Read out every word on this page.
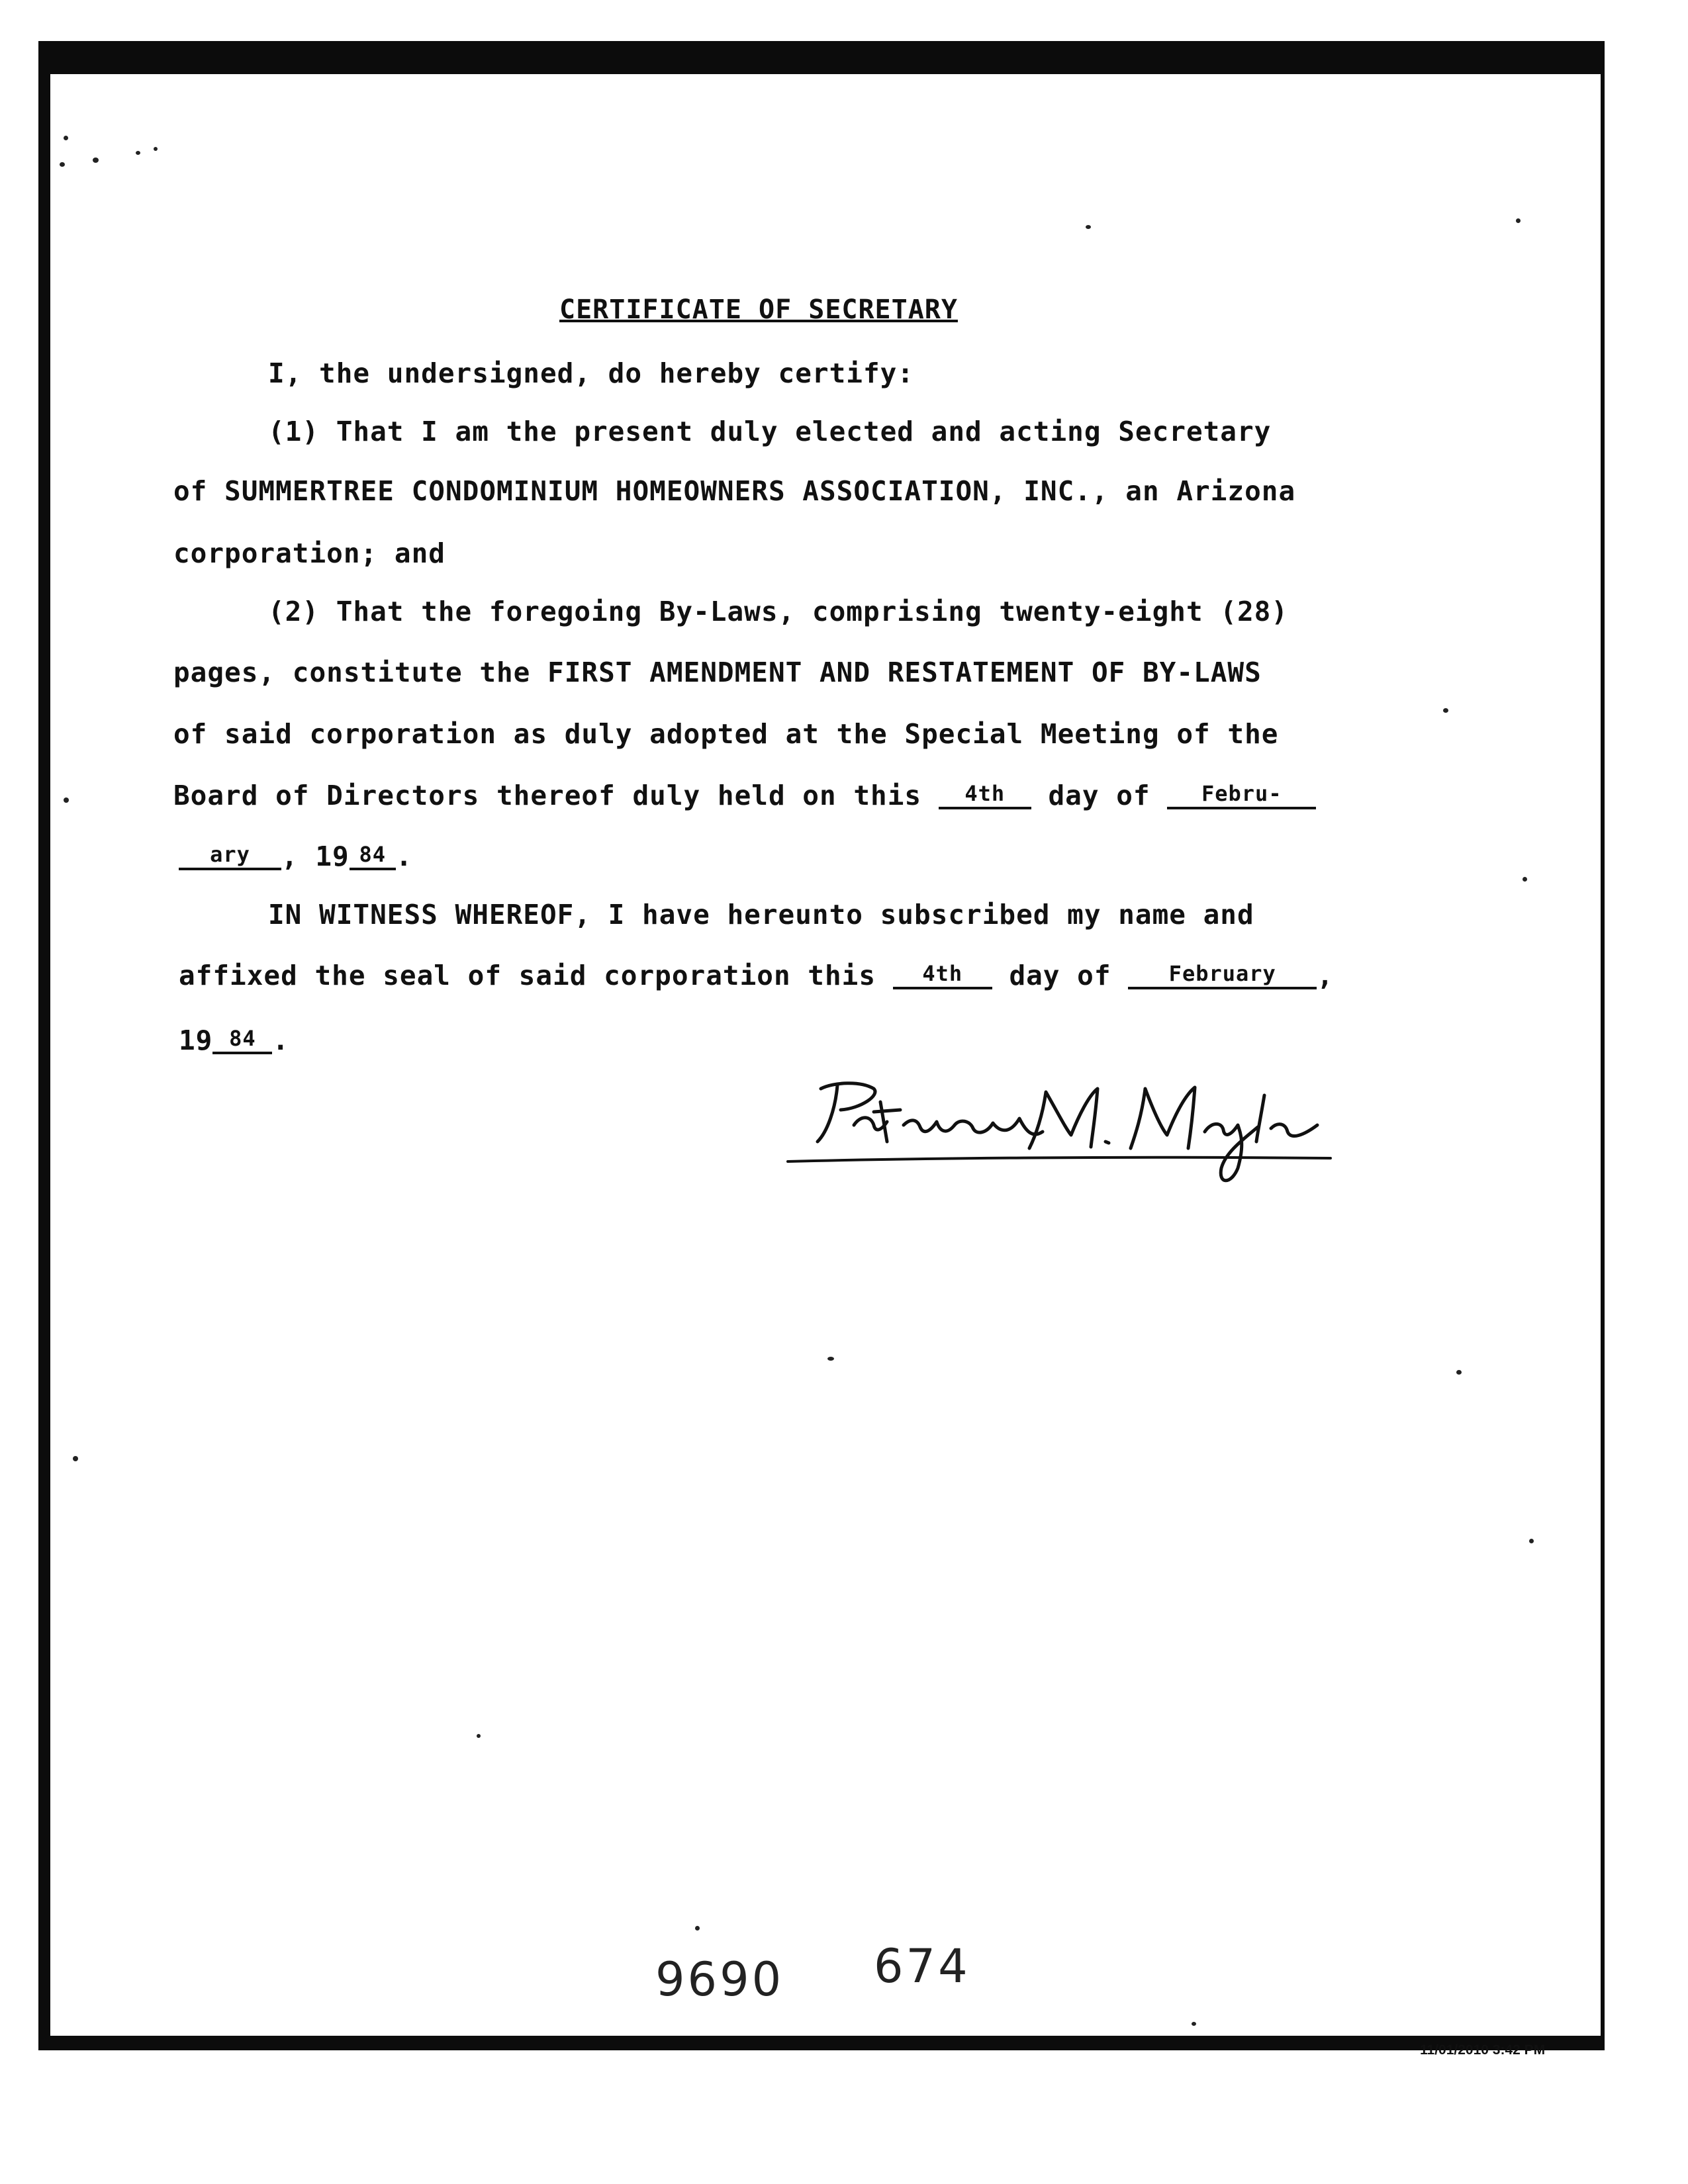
CERTIFICATE OF SECRETARY
I, the undersigned, do hereby certify:
(1) That I am the present duly elected and acting Secretary
of SUMMERTREE CONDOMINIUM HOMEOWNERS ASSOCIATION, INC., an Arizona
corporation; and
(2) That the foregoing By-Laws, comprising twenty-eight (28)
pages, constitute the FIRST AMENDMENT AND RESTATEMENT OF BY-LAWS
of said corporation as duly adopted at the Special Meeting of the
Board of Directors thereof duly held on this 4th day of Febru-
ary , 19 84 .
IN WITNESS WHEREOF, I have hereunto subscribed my name and
affixed the seal of said corporation this 4th day of	February ,
19 84 .
9690 674
11/01/2010 3:42 PM
